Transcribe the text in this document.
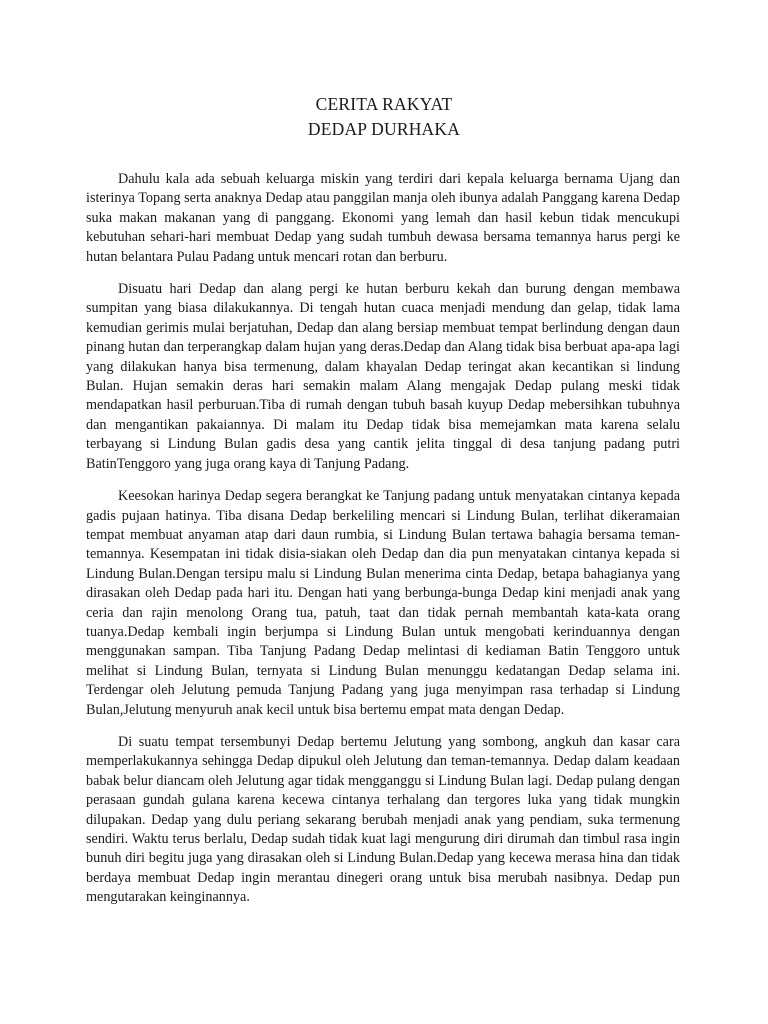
CERITA RAKYAT
DEDAP DURHAKA

Dahulu kala ada sebuah keluarga miskin yang terdiri dari kepala keluarga bernama Ujang dan isterinya Topang serta anaknya Dedap atau panggilan manja oleh ibunya adalah Panggang karena Dedap suka makan makanan yang di panggang. Ekonomi yang lemah dan hasil kebun tidak mencukupi kebutuhan sehari-hari membuat Dedap yang sudah tumbuh dewasa bersama temannya harus pergi ke hutan belantara Pulau Padang untuk mencari rotan dan berburu.

Disuatu hari Dedap dan alang pergi ke hutan berburu kekah dan burung dengan membawa sumpitan yang biasa dilakukannya. Di tengah hutan cuaca menjadi mendung dan gelap, tidak lama kemudian gerimis mulai berjatuhan, Dedap dan alang bersiap membuat tempat berlindung dengan daun pinang hutan dan terperangkap dalam hujan yang deras.Dedap dan Alang tidak bisa berbuat apa-apa lagi yang dilakukan hanya bisa termenung, dalam khayalan Dedap teringat akan kecantikan si lindung Bulan. Hujan semakin deras hari semakin malam Alang mengajak Dedap pulang meski tidak mendapatkan hasil perburuan.Tiba di rumah dengan tubuh basah kuyup Dedap mebersihkan tubuhnya dan mengantikan pakaiannya. Di malam itu Dedap tidak bisa memejamkan mata karena selalu terbayang si Lindung Bulan gadis desa yang cantik jelita tinggal di desa tanjung padang putri BatinTenggoro yang juga orang kaya di Tanjung Padang.

Keesokan harinya Dedap segera berangkat ke Tanjung padang untuk menyatakan cintanya kepada gadis pujaan hatinya. Tiba disana Dedap berkeliling mencari si Lindung Bulan, terlihat dikeramaian tempat membuat anyaman atap dari daun rumbia, si Lindung Bulan tertawa bahagia bersama teman-temannya. Kesempatan ini tidak disia-siakan oleh Dedap dan dia pun menyatakan cintanya kepada si Lindung Bulan.Dengan tersipu malu si Lindung Bulan menerima cinta Dedap, betapa bahagianya yang dirasakan oleh Dedap pada hari itu. Dengan hati yang berbunga-bunga Dedap kini menjadi anak yang ceria dan rajin menolong Orang tua, patuh, taat dan tidak pernah membantah kata-kata orang tuanya.Dedap kembali ingin berjumpa si Lindung Bulan untuk mengobati kerinduannya dengan menggunakan sampan. Tiba Tanjung Padang Dedap melintasi di kediaman Batin Tenggoro untuk melihat si Lindung Bulan, ternyata si Lindung Bulan menunggu kedatangan Dedap selama ini. Terdengar oleh Jelutung pemuda Tanjung Padang yang juga menyimpan rasa terhadap si Lindung Bulan,Jelutung menyuruh anak kecil untuk bisa bertemu empat mata dengan Dedap.

Di suatu tempat tersembunyi Dedap bertemu Jelutung yang sombong, angkuh dan kasar cara memperlakukannya sehingga Dedap dipukul oleh Jelutung dan teman-temannya. Dedap dalam keadaan babak belur diancam oleh Jelutung agar tidak mengganggu si Lindung Bulan lagi. Dedap pulang dengan perasaan gundah gulana karena kecewa cintanya terhalang dan tergores luka yang tidak mungkin dilupakan. Dedap yang dulu periang sekarang berubah menjadi anak yang pendiam, suka termenung sendiri. Waktu terus berlalu, Dedap sudah tidak kuat lagi mengurung diri dirumah dan timbul rasa ingin bunuh diri begitu juga yang dirasakan oleh si Lindung Bulan.Dedap yang kecewa merasa hina dan tidak berdaya membuat Dedap ingin merantau dinegeri orang untuk bisa merubah nasibnya. Dedap pun mengutarakan keinginannya.
